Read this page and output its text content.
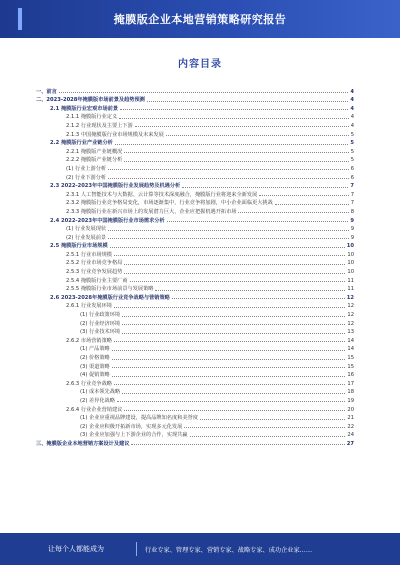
掩膜版企业本地营销策略研究报告
内容目录
一、前言	4
二、2023-2028年掩膜版市场前景及趋势预测	4
2.1 掩膜版行业宏观市场前景	4
2.1.1 掩膜版行业定义	4
2.1.2 行业现状及主要上下游	4
2.1.3 中国掩膜版行业市场规模及未来发展	5
2.2 掩膜版行业产业链分析	5
2.2.1 掩膜版产业链概况	5
2.2.2 掩膜版产业链分析	5
(1) 行业上游分析	6
(2) 行业下游分析	6
2.3 2022-2023年中国掩膜版行业发展趋势及机遇分析	7
2.3.1 人工智能技术与大数据、云计算等技术深度融合，掩膜版行业将迎来全新发展	7
2.3.2 掩膜版行业竞争格局变化，市场逐渐集中，行业竞争将加剧，中小企业面临更大挑战	7
2.3.3 掩膜版行业在新兴市场上的发展潜力巨大，企业应把握机遇开拓市场	8
2.4 2022-2023年中国掩膜版行业市场需求分析	9
(1) 行业发展现状	9
(2) 行业发展前景	9
2.5 掩膜版行业市场规模	10
2.5.1 行业市场规模	10
2.5.2 行业市场竞争格局	10
2.5.3 行业竞争发展趋势	10
2.5.4 掩膜版行业主要厂商	11
2.5.5 掩膜版行业市场前景与发展策略	11
2.6 2023-2028年掩膜版行业竞争战略与营销策略	12
2.6.1 行业发展环境	12
(1) 行业政策环境	12
(2) 行业经济环境	12
(3) 行业技术环境	13
2.6.2 市场营销策略	14
(1) 产品策略	14
(2) 价格策略	15
(3) 渠道策略	15
(4) 促销策略	16
2.6.3 行业竞争战略	17
(1) 成本领先战略	18
(2) 差异化战略	19
2.6.4 行业企业营销建议	20
(1) 企业应重视品牌建设，提高品牌知名度和美誉度	21
(2) 企业应积极开拓新市场，实现多元化发展	22
(3) 企业应加强与上下游企业的合作，实现共赢	24
三、掩膜版企业本地营销方案设计及建议	27
让每个人都能成为	行业专家、管理专家、营销专家、战略专家、成功企业家……
